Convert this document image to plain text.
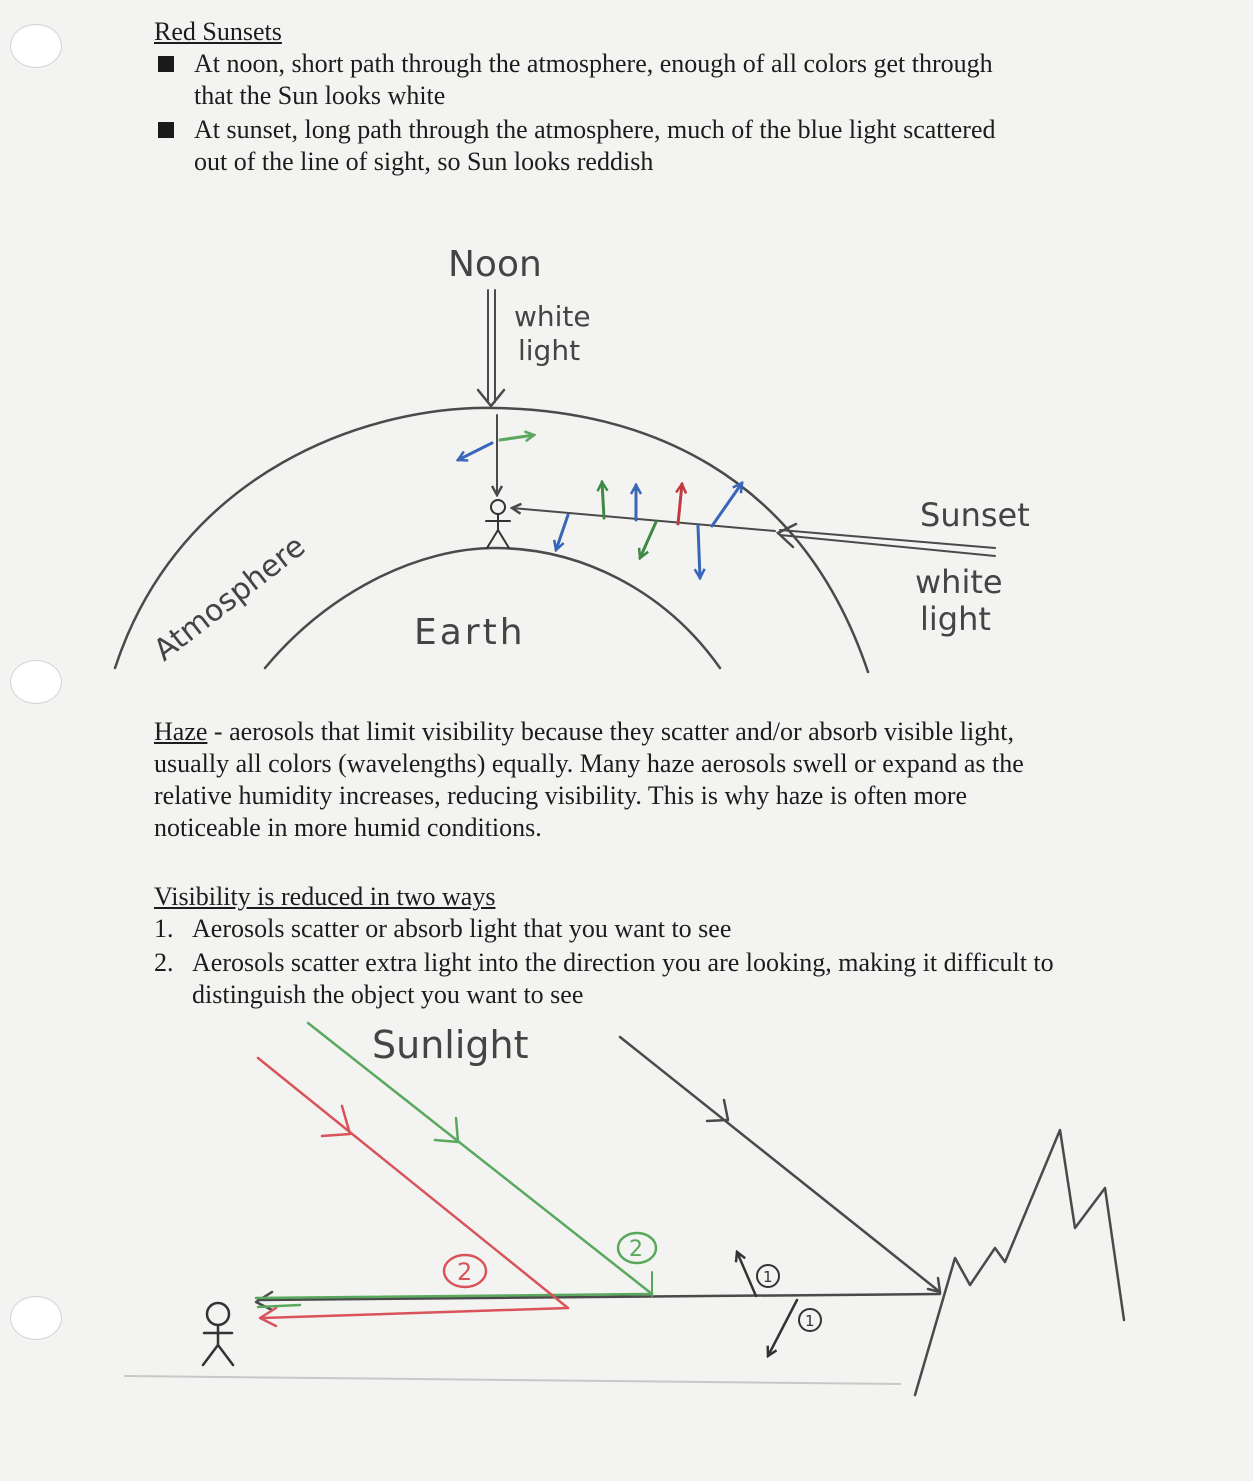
Red Sunsets
At noon, short path through the atmosphere, enough of all colors get through that the Sun looks white
At sunset, long path through the atmosphere, much of the blue light scattered out of the line of sight, so Sun looks reddish
Haze - aerosols that limit visibility because they scatter and/or absorb visible light, usually all colors (wavelengths) equally. Many haze aerosols swell or expand as the relative humidity increases, reducing visibility. This is why haze is often more noticeable in more humid conditions.
Visibility is reduced in two ways
1. Aerosols scatter or absorb light that you want to see
2. Aerosols scatter extra light into the direction you are looking, making it difficult to distinguish the object you want to see
Noon
white
light
Sunset
white
light
Atmosphere	Earth
Sunlight
2
2
1
1
